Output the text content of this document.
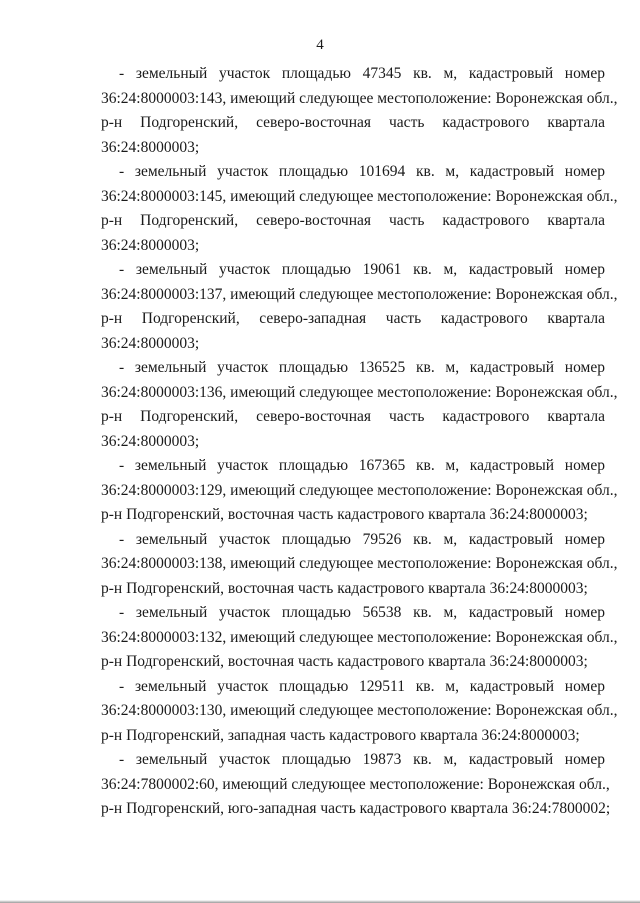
4

- земельный участок площадью 47345 кв. м, кадастровый номер
36:24:8000003:143, имеющий следующее местоположение: Воронежская обл.,
р-н Подгоренский, северо-восточная часть кадастрового квартала
36:24:8000003;

- земельный участок площадью 101694 кв. м, кадастровый номер
36:24:8000003:145, имеющий следующее местоположение: Воронежская обл.,
р-н Подгоренский, северо-восточная часть кадастрового квартала
36:24:8000003;

- земельный участок площадью 19061 кв. м, кадастровый номер
36:24:8000003:137, имеющий следующее местоположение: Воронежская обл.,
р-н Подгоренский, северо-западная часть кадастрового квартала
36:24:8000003;

- земельный участок площадью 136525 кв. м, кадастровый номер
36:24:8000003:136, имеющий следующее местоположение: Воронежская обл.,
р-н Подгоренский, северо-восточная часть кадастрового квартала
36:24:8000003;

- земельный участок площадью 167365 кв. м, кадастровый номер
36:24:8000003:129, имеющий следующее местоположение: Воронежская обл.,
р-н Подгоренский, восточная часть кадастрового квартала 36:24:8000003;

- земельный участок площадью 79526 кв. м, кадастровый номер
36:24:8000003:138, имеющий следующее местоположение: Воронежская обл.,
р-н Подгоренский, восточная часть кадастрового квартала 36:24:8000003;

- земельный участок площадью 56538 кв. м, кадастровый номер
36:24:8000003:132, имеющий следующее местоположение: Воронежская обл.,
р-н Подгоренский, восточная часть кадастрового квартала 36:24:8000003;

- земельный участок площадью 129511 кв. м, кадастровый номер
36:24:8000003:130, имеющий следующее местоположение: Воронежская обл.,
р-н Подгоренский, западная часть кадастрового квартала 36:24:8000003;

- земельный участок площадью 19873 кв. м, кадастровый номер
36:24:7800002:60, имеющий следующее местоположение: Воронежская обл.,
р-н Подгоренский, юго-западная часть кадастрового квартала 36:24:7800002;
